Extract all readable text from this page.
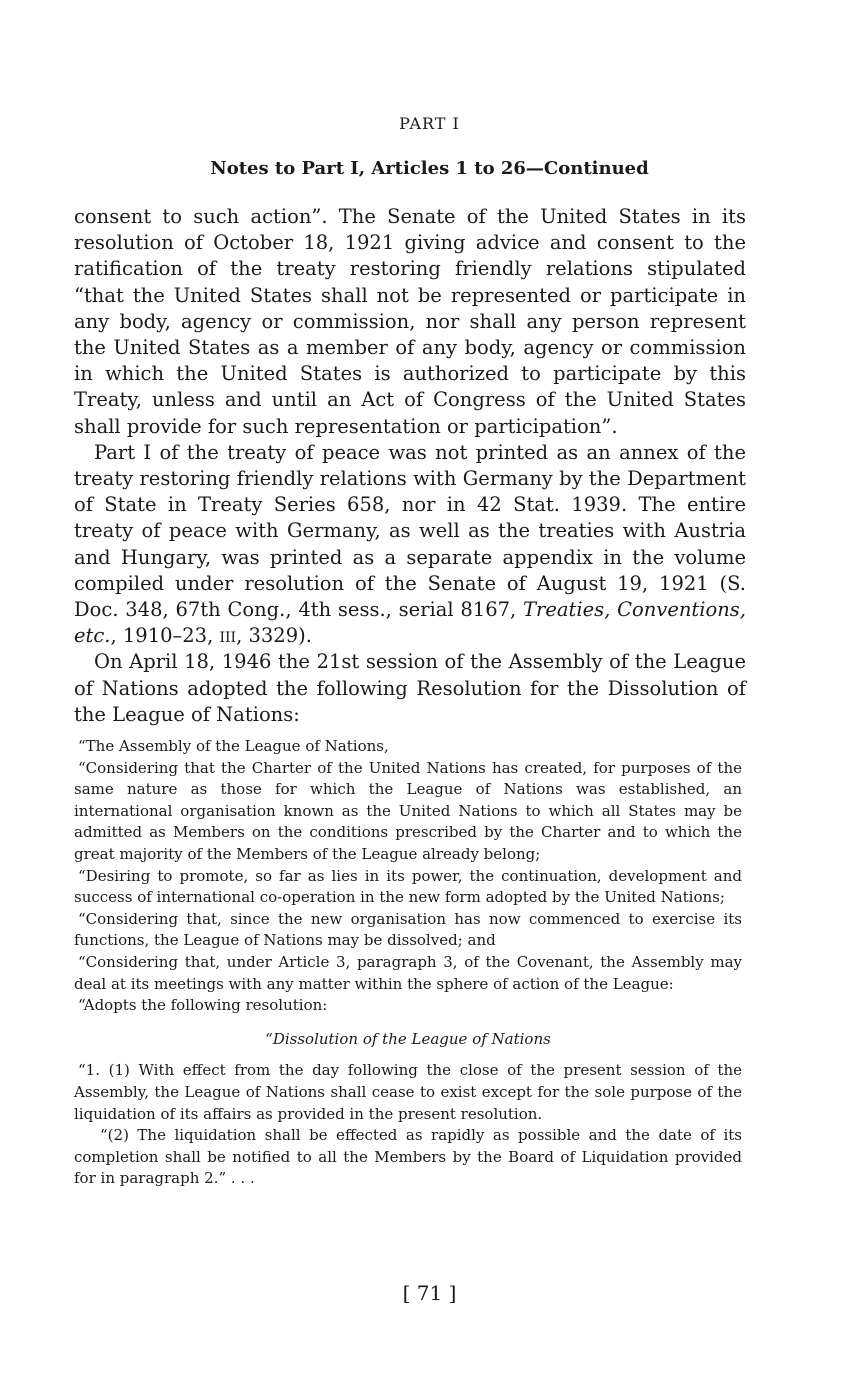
PART I
Notes to Part I, Articles 1 to 26—Continued

consent to such action”. The Senate of the United States in its resolution of October 18, 1921 giving advice and consent to the ratification of the treaty restoring friendly relations stipulated “that the United States shall not be represented or participate in any body, agency or commission, nor shall any person represent the United States as a member of any body, agency or commission in which the United States is authorized to participate by this Treaty, unless and until an Act of Congress of the United States shall provide for such representation or participation”.

Part I of the treaty of peace was not printed as an annex of the treaty restoring friendly relations with Germany by the Department of State in Treaty Series 658, nor in 42 Stat. 1939. The entire treaty of peace with Germany, as well as the treaties with Austria and Hungary, was printed as a separate appendix in the volume compiled under resolution of the Senate of August 19, 1921 (S. Doc. 348, 67th Cong., 4th sess., serial 8167, Treaties, Conventions, etc., 1910–23, iii, 3329).

On April 18, 1946 the 21st session of the Assembly of the League of Nations adopted the following Resolution for the Dissolution of the League of Nations:

“The Assembly of the League of Nations,

“Considering that the Charter of the United Nations has created, for purposes of the same nature as those for which the League of Nations was established, an international organisation known as the United Nations to which all States may be admitted as Members on the conditions prescribed by the Charter and to which the great majority of the Members of the League already belong;

“Desiring to promote, so far as lies in its power, the continuation, development and success of international co-operation in the new form adopted by the United Nations;

“Considering that, since the new organisation has now commenced to exercise its functions, the League of Nations may be dissolved; and

“Considering that, under Article 3, paragraph 3, of the Covenant, the Assembly may deal at its meetings with any matter within the sphere of action of the League:

“Adopts the following resolution:

“Dissolution of the League of Nations

“1. (1) With effect from the day following the close of the present session of the Assembly, the League of Nations shall cease to exist except for the sole purpose of the liquidation of its affairs as provided in the present resolution.

“(2) The liquidation shall be effected as rapidly as possible and the date of its completion shall be notified to all the Members by the Board of Liquidation provided for in paragraph 2.” . . .

[ 71 ]
